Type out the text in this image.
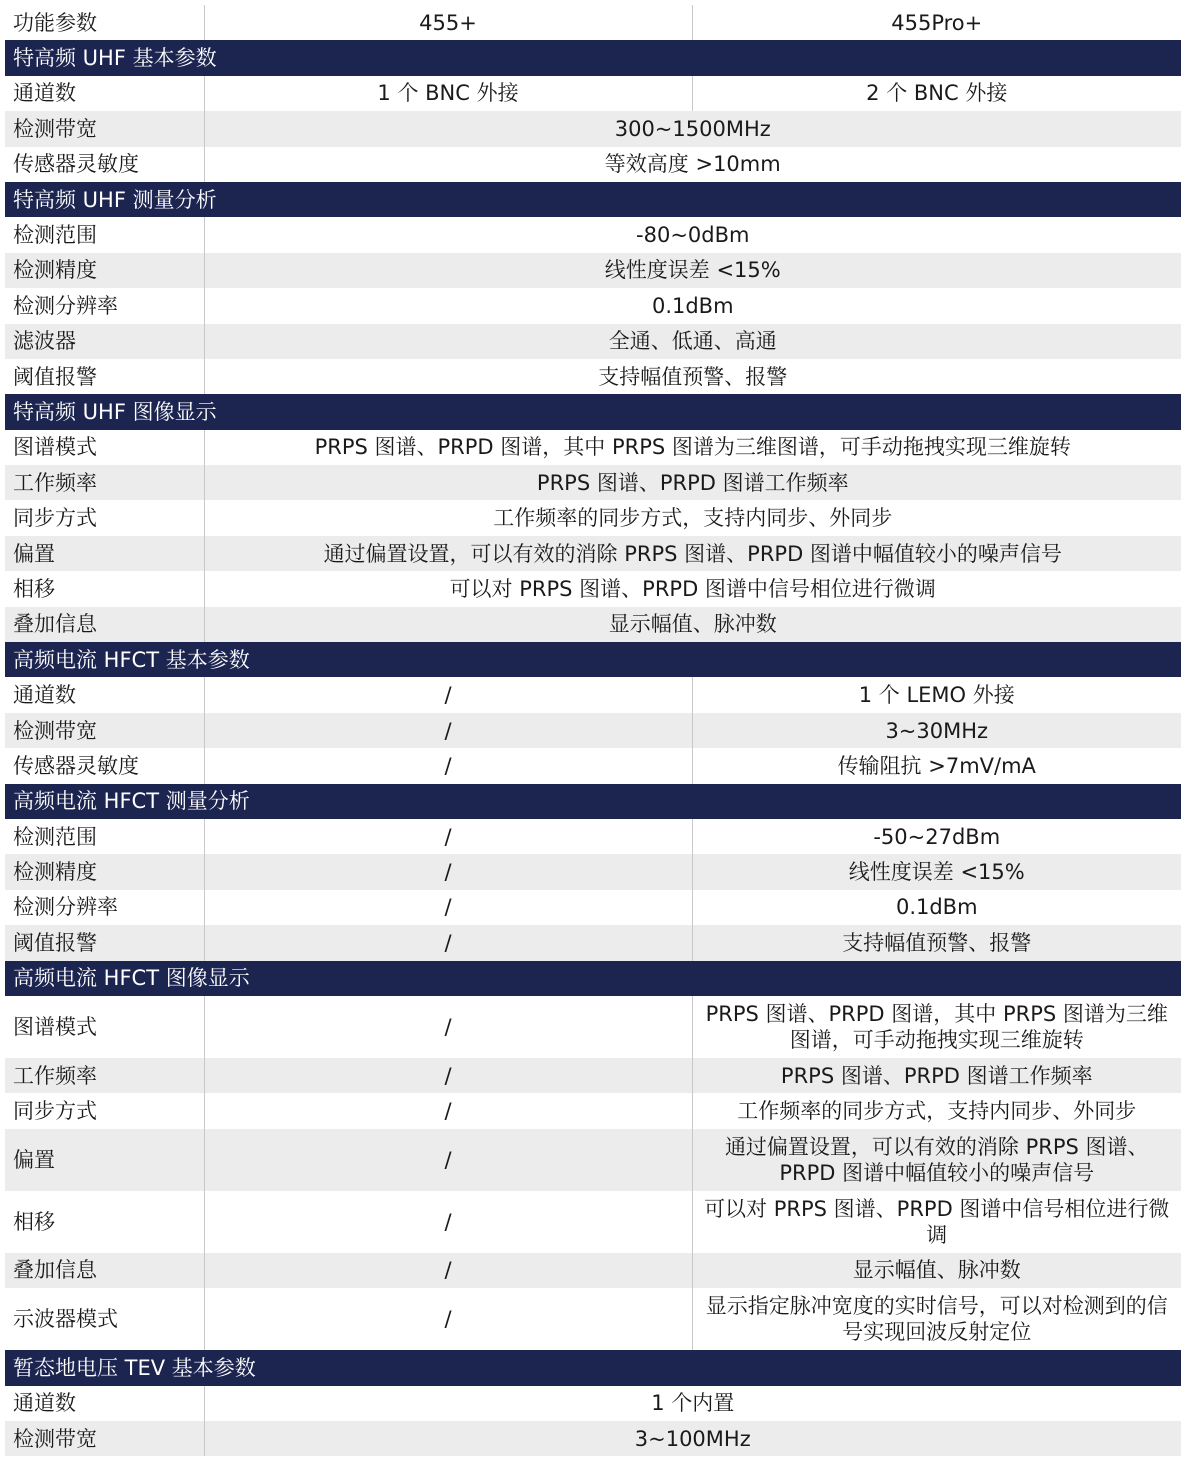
功能参数	455+	455Pro+
特高频 UHF 基本参数		
通道数	1 个 BNC 外接	2 个 BNC 外接
检测带宽	300~1500MHz	
传感器灵敏度	等效高度 >10mm	
特高频 UHF 测量分析		
检测范围	-80~0dBm	
检测精度	线性度误差 <15%	
检测分辨率	0.1dBm	
滤波器	全通、低通、高通	
阈值报警	支持幅值预警、报警	
特高频 UHF 图像显示		
图谱模式	PRPS 图谱、PRPD 图谱，其中 PRPS 图谱为三维图谱，可手动拖拽实现三维旋转	
工作频率	PRPS 图谱、PRPD 图谱工作频率	
同步方式	工作频率的同步方式，支持内同步、外同步	
偏置	通过偏置设置，可以有效的消除 PRPS 图谱、PRPD 图谱中幅值较小的噪声信号	
相移	可以对 PRPS 图谱、PRPD 图谱中信号相位进行微调	
叠加信息	显示幅值、脉冲数	
高频电流 HFCT 基本参数		
通道数	/	1 个 LEMO 外接
检测带宽	/	3~30MHz
传感器灵敏度	/	传输阻抗 >7mV/mA
高频电流 HFCT 测量分析		
检测范围	/	-50~27dBm
检测精度	/	线性度误差 <15%
检测分辨率	/	0.1dBm
阈值报警	/	支持幅值预警、报警
高频电流 HFCT 图像显示		
图谱模式	/	PRPS 图谱、PRPD 图谱，其中 PRPS 图谱为三维图谱，可手动拖拽实现三维旋转
工作频率	/	PRPS 图谱、PRPD 图谱工作频率
同步方式	/	工作频率的同步方式，支持内同步、外同步
偏置	/	通过偏置设置，可以有效的消除 PRPS 图谱、PRPD 图谱中幅值较小的噪声信号
相移	/	可以对 PRPS 图谱、PRPD 图谱中信号相位进行微调
叠加信息	/	显示幅值、脉冲数
示波器模式	/	显示指定脉冲宽度的实时信号，可以对检测到的信号实现回波反射定位
暂态地电压 TEV 基本参数		
通道数	1 个内置	
检测带宽	3~100MHz	
